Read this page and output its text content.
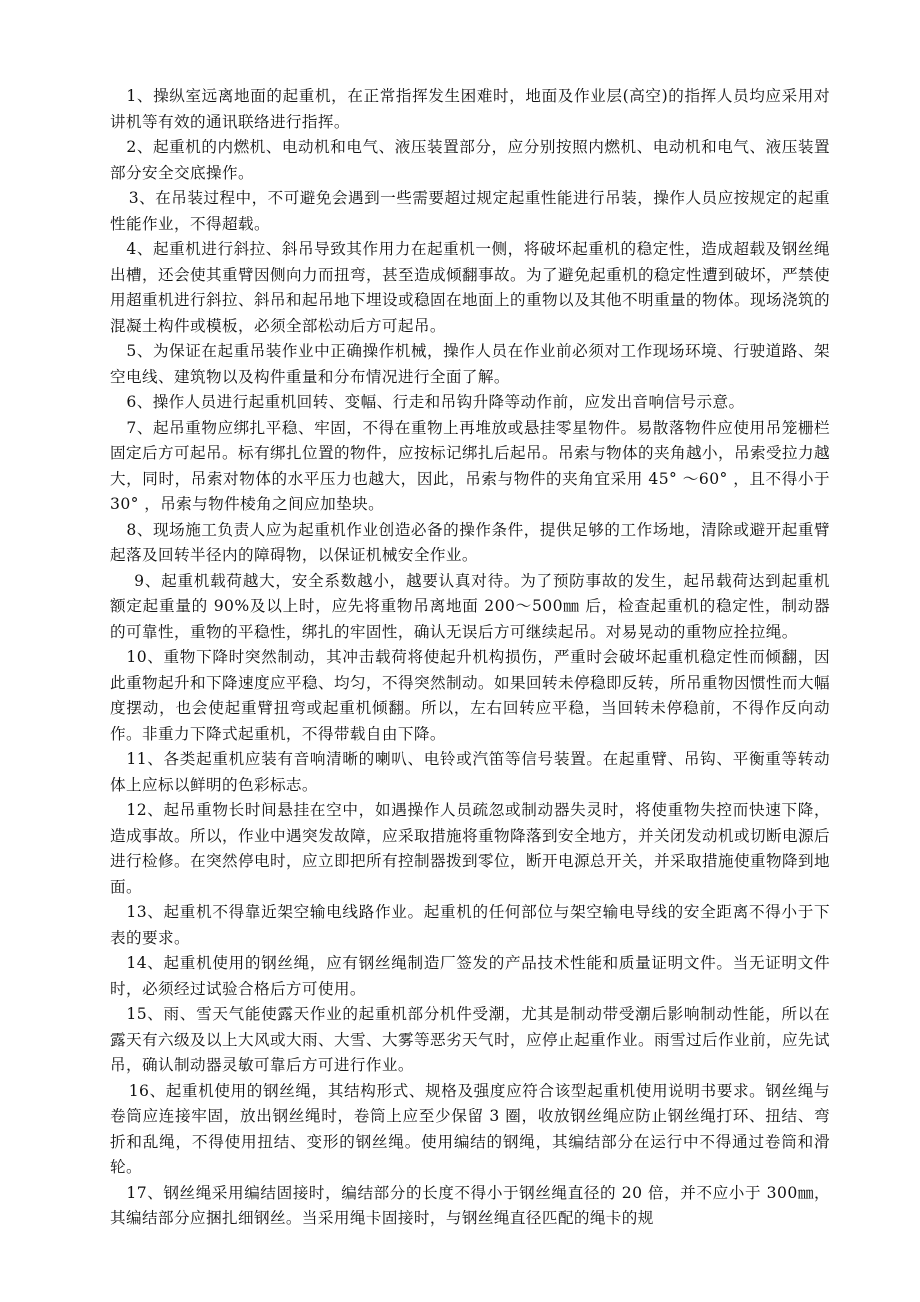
1、操纵室远离地面的起重机，在正常指挥发生困难时，地面及作业层(高空)的指挥人员均应采用对讲机等有效的通讯联络进行指挥。

2、起重机的内燃机、电动机和电气、液压装置部分，应分别按照内燃机、电动机和电气、液压装置部分安全交底操作。

3、在吊装过程中，不可避免会遇到一些需要超过规定起重性能进行吊装，操作人员应按规定的起重性能作业，不得超载。

4、起重机进行斜拉、斜吊导致其作用力在起重机一侧，将破坏起重机的稳定性，造成超载及钢丝绳出槽，还会使其重臂因侧向力而扭弯，甚至造成倾翻事故。为了避免起重机的稳定性遭到破坏，严禁使用超重机进行斜拉、斜吊和起吊地下埋设或稳固在地面上的重物以及其他不明重量的物体。现场浇筑的混凝土构件或模板，必须全部松动后方可起吊。

5、为保证在起重吊装作业中正确操作机械，操作人员在作业前必须对工作现场环境、行驶道路、架空电线、建筑物以及构件重量和分布情况进行全面了解。

6、操作人员进行起重机回转、变幅、行走和吊钩升降等动作前，应发出音响信号示意。

7、起吊重物应绑扎平稳、牢固，不得在重物上再堆放或悬挂零星物件。易散落物件应使用吊笼栅栏固定后方可起吊。标有绑扎位置的物件，应按标记绑扎后起吊。吊索与物体的夹角越小，吊索受拉力越大，同时，吊索对物体的水平压力也越大，因此，吊索与物件的夹角宜采用 45° ～60° ，且不得小于 30° ，吊索与物件棱角之间应加垫块。

8、现场施工负责人应为起重机作业创造必备的操作条件，提供足够的工作场地，清除或避开起重臂起落及回转半径内的障碍物，以保证机械安全作业。

9、起重机载荷越大，安全系数越小，越要认真对待。为了预防事故的发生，起吊载荷达到起重机额定起重量的 90%及以上时，应先将重物吊离地面 200～500㎜ 后，检查起重机的稳定性，制动器的可靠性，重物的平稳性，绑扎的牢固性，确认无误后方可继续起吊。对易晃动的重物应拴拉绳。

10、重物下降时突然制动，其冲击载荷将使起升机构损伤，严重时会破坏起重机稳定性而倾翻，因此重物起升和下降速度应平稳、均匀，不得突然制动。如果回转未停稳即反转，所吊重物因惯性而大幅度摆动，也会使起重臂扭弯或起重机倾翻。所以，左右回转应平稳，当回转未停稳前，不得作反向动作。非重力下降式起重机，不得带载自由下降。

11、各类起重机应装有音响清晰的喇叭、电铃或汽笛等信号装置。在起重臂、吊钩、平衡重等转动体上应标以鲜明的色彩标志。

12、起吊重物长时间悬挂在空中，如遇操作人员疏忽或制动器失灵时，将使重物失控而快速下降，造成事故。所以，作业中遇突发故障，应采取措施将重物降落到安全地方，并关闭发动机或切断电源后进行检修。在突然停电时，应立即把所有控制器拨到零位，断开电源总开关，并采取措施使重物降到地面。

13、起重机不得靠近架空输电线路作业。起重机的任何部位与架空输电导线的安全距离不得小于下表的要求。

14、起重机使用的钢丝绳，应有钢丝绳制造厂签发的产品技术性能和质量证明文件。当无证明文件时，必须经过试验合格后方可使用。

15、雨、雪天气能使露天作业的起重机部分机件受潮，尤其是制动带受潮后影响制动性能，所以在露天有六级及以上大风或大雨、大雪、大雾等恶劣天气时，应停止起重作业。雨雪过后作业前，应先试吊，确认制动器灵敏可靠后方可进行作业。

16、起重机使用的钢丝绳，其结构形式、规格及强度应符合该型起重机使用说明书要求。钢丝绳与卷筒应连接牢固，放出钢丝绳时，卷筒上应至少保留 3 圈，收放钢丝绳应防止钢丝绳打环、扭结、弯折和乱绳，不得使用扭结、变形的钢丝绳。使用编结的钢绳，其编结部分在运行中不得通过卷筒和滑轮。

17、钢丝绳采用编结固接时，编结部分的长度不得小于钢丝绳直径的 20 倍，并不应小于 300㎜，其编结部分应捆扎细钢丝。当采用绳卡固接时，与钢丝绳直径匹配的绳卡的规
